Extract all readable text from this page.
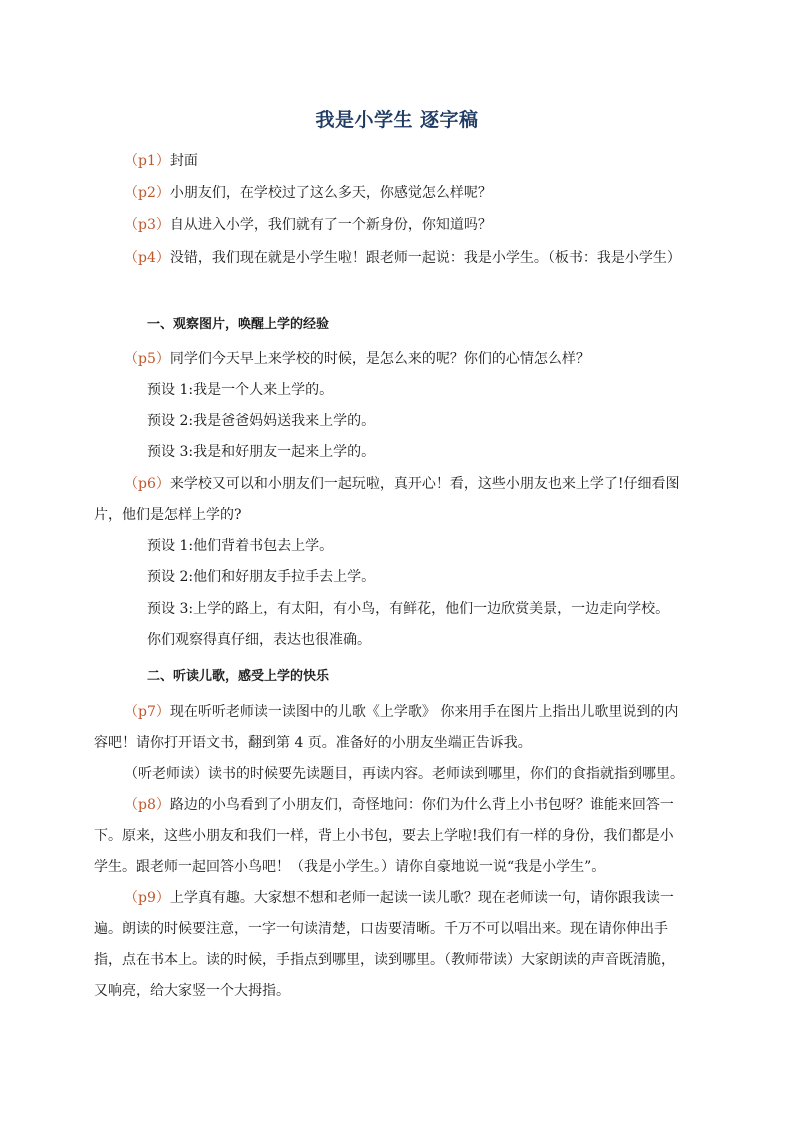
我是小学生 逐字稿
（p1）封面
（p2）小朋友们，在学校过了这么多天，你感觉怎么样呢？
（p3）自从进入小学，我们就有了一个新身份，你知道吗？
（p4）没错，我们现在就是小学生啦！跟老师一起说：我是小学生。（板书：我是小学生）
一、观察图片，唤醒上学的经验
（p5）同学们今天早上来学校的时候，是怎么来的呢？你们的心情怎么样？
预设 1:我是一个人来上学的。
预设 2:我是爸爸妈妈送我来上学的。
预设 3:我是和好朋友一起来上学的。
（p6）来学校又可以和小朋友们一起玩啦，真开心！看，这些小朋友也来上学了!仔细看图
片，他们是怎样上学的?
预设 1:他们背着书包去上学。
预设 2:他们和好朋友手拉手去上学。
预设 3:上学的路上，有太阳，有小鸟，有鲜花，他们一边欣赏美景，一边走向学校。
你们观察得真仔细，表达也很准确。
二、听读儿歌，感受上学的快乐
（p7）现在听听老师读一读图中的儿歌《上学歌》 你来用手在图片上指出儿歌里说到的内
容吧！请你打开语文书，翻到第 4 页。准备好的小朋友坐端正告诉我。
（听老师读）读书的时候要先读题目，再读内容。老师读到哪里，你们的食指就指到哪里。
（p8）路边的小鸟看到了小朋友们，奇怪地问：你们为什么背上小书包呀？谁能来回答一
下。原来，这些小朋友和我们一样，背上小书包，要去上学啦!我们有一样的身份，我们都是小
学生。跟老师一起回答小鸟吧！（我是小学生。）请你自豪地说一说“我是小学生”。
（p9）上学真有趣。大家想不想和老师一起读一读儿歌？现在老师读一句，请你跟我读一
遍。朗读的时候要注意，一字一句读清楚，口齿要清晰。千万不可以唱出来。现在请你伸出手
指，点在书本上。读的时候，手指点到哪里，读到哪里。（教师带读）大家朗读的声音既清脆，
又响亮，给大家竖一个大拇指。
